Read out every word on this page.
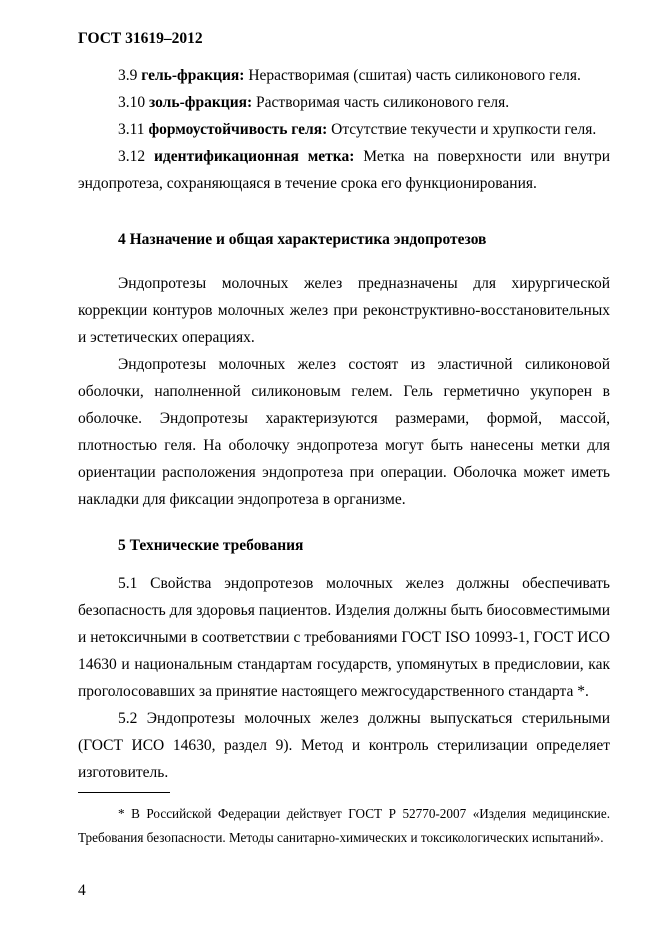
ГОСТ 31619–2012
3.9 гель-фракция: Нерастворимая (сшитая) часть силиконового геля.
3.10 золь-фракция: Растворимая часть силиконового геля.
3.11 формоустойчивость геля: Отсутствие текучести и хрупкости геля.
3.12 идентификационная метка: Метка на поверхности или внутри эндопротеза, сохраняющаяся в течение срока его функционирования.
4 Назначение и общая характеристика эндопротезов

Эндопротезы молочных желез предназначены для хирургической коррекции контуров молочных желез при реконструктивно-восстановительных и эстетических операциях.

Эндопротезы молочных желез состоят из эластичной силиконовой оболочки, наполненной силиконовым гелем. Гель герметично укупорен в оболочке. Эндопротезы характеризуются размерами, формой, массой, плотностью геля. На оболочку эндопротеза могут быть нанесены метки для ориентации расположения эндопротеза при операции. Оболочка может иметь накладки для фиксации эндопротеза в организме.

5 Технические требования

5.1 Свойства эндопротезов молочных желез должны обеспечивать безопасность для здоровья пациентов. Изделия должны быть биосовместимыми и нетоксичными в соответствии с требованиями ГОСТ ISO 10993-1, ГОСТ ИСО 14630 и национальным стандартам государств, упомянутых в предисловии, как проголосовавших за принятие настоящего межгосударственного стандарта *.

5.2 Эндопротезы молочных желез должны выпускаться стерильными (ГОСТ ИСО 14630, раздел 9). Метод и контроль стерилизации определяет изготовитель.

* В Российской Федерации действует ГОСТ Р 52770-2007 «Изделия медицинские. Требования безопасности. Методы санитарно-химических и токсикологических испытаний».
4
